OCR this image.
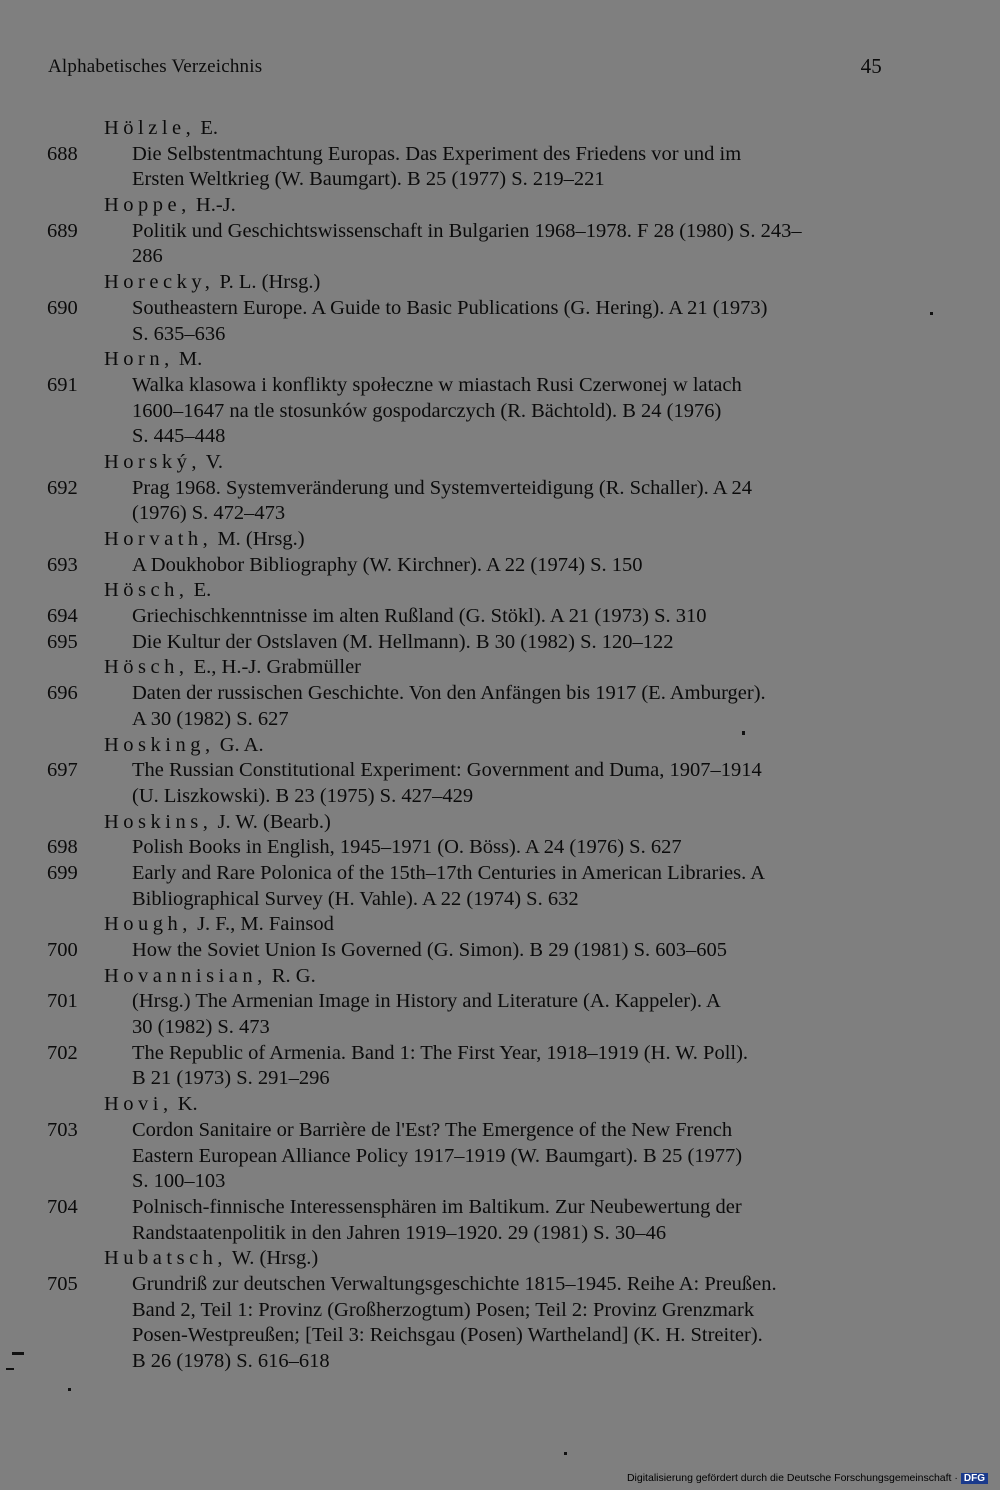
Alphabetisches Verzeichnis	45
Hölzle, E.
688	Die Selbstentmachtung Europas. Das Experiment des Friedens vor und im
Ersten Weltkrieg (W. Baumgart). B 25 (1977) S. 219–221
Hoppe, H.-J.
689	Politik und Geschichtswissenschaft in Bulgarien 1968–1978. F 28 (1980) S. 243–
286
Horecky, P. L. (Hrsg.)
690	Southeastern Europe. A Guide to Basic Publications (G. Hering). A 21 (1973)
S. 635–636
Horn, M.
691	Walka klasowa i konflikty społeczne w miastach Rusi Czerwonej w latach
1600–1647 na tle stosunków gospodarczych (R. Bächtold). B 24 (1976)
S. 445–448
Horský, V.
692	Prag 1968. Systemveränderung und Systemverteidigung (R. Schaller). A 24
(1976) S. 472–473
Horvath, M. (Hrsg.)
693	A Doukhobor Bibliography (W. Kirchner). A 22 (1974) S. 150
Hösch, E.
694	Griechischkenntnisse im alten Rußland (G. Stökl). A 21 (1973) S. 310
695	Die Kultur der Ostslaven (M. Hellmann). B 30 (1982) S. 120–122
Hösch, E., H.-J. Grabmüller
696	Daten der russischen Geschichte. Von den Anfängen bis 1917 (E. Amburger).
A 30 (1982) S. 627
Hosking, G. A.
697	The Russian Constitutional Experiment: Government and Duma, 1907–1914
(U. Liszkowski). B 23 (1975) S. 427–429
Hoskins, J. W. (Bearb.)
698	Polish Books in English, 1945–1971 (O. Böss). A 24 (1976) S. 627
699	Early and Rare Polonica of the 15th–17th Centuries in American Libraries. A
Bibliographical Survey (H. Vahle). A 22 (1974) S. 632
Hough, J. F., M. Fainsod
700	How the Soviet Union Is Governed (G. Simon). B 29 (1981) S. 603–605
Hovannisian, R. G.
701	(Hrsg.) The Armenian Image in History and Literature (A. Kappeler). A
30 (1982) S. 473
702	The Republic of Armenia. Band 1: The First Year, 1918–1919 (H. W. Poll).
B 21 (1973) S. 291–296
Hovi, K.
703	Cordon Sanitaire or Barrière de l'Est? The Emergence of the New French
Eastern European Alliance Policy 1917–1919 (W. Baumgart). B 25 (1977)
S. 100–103
704	Polnisch-finnische Interessensphären im Baltikum. Zur Neubewertung der
Randstaatenpolitik in den Jahren 1919–1920. 29 (1981) S. 30–46
Hubatsch, W. (Hrsg.)
705	Grundriß zur deutschen Verwaltungsgeschichte 1815–1945. Reihe A: Preußen.
Band 2, Teil 1: Provinz (Großherzogtum) Posen; Teil 2: Provinz Grenzmark
Posen-Westpreußen; [Teil 3: Reichsgau (Posen) Wartheland] (K. H. Streiter).
B 26 (1978) S. 616–618
Digitalisierung gefördert durch die Deutsche Forschungsgemeinschaft · DFG
